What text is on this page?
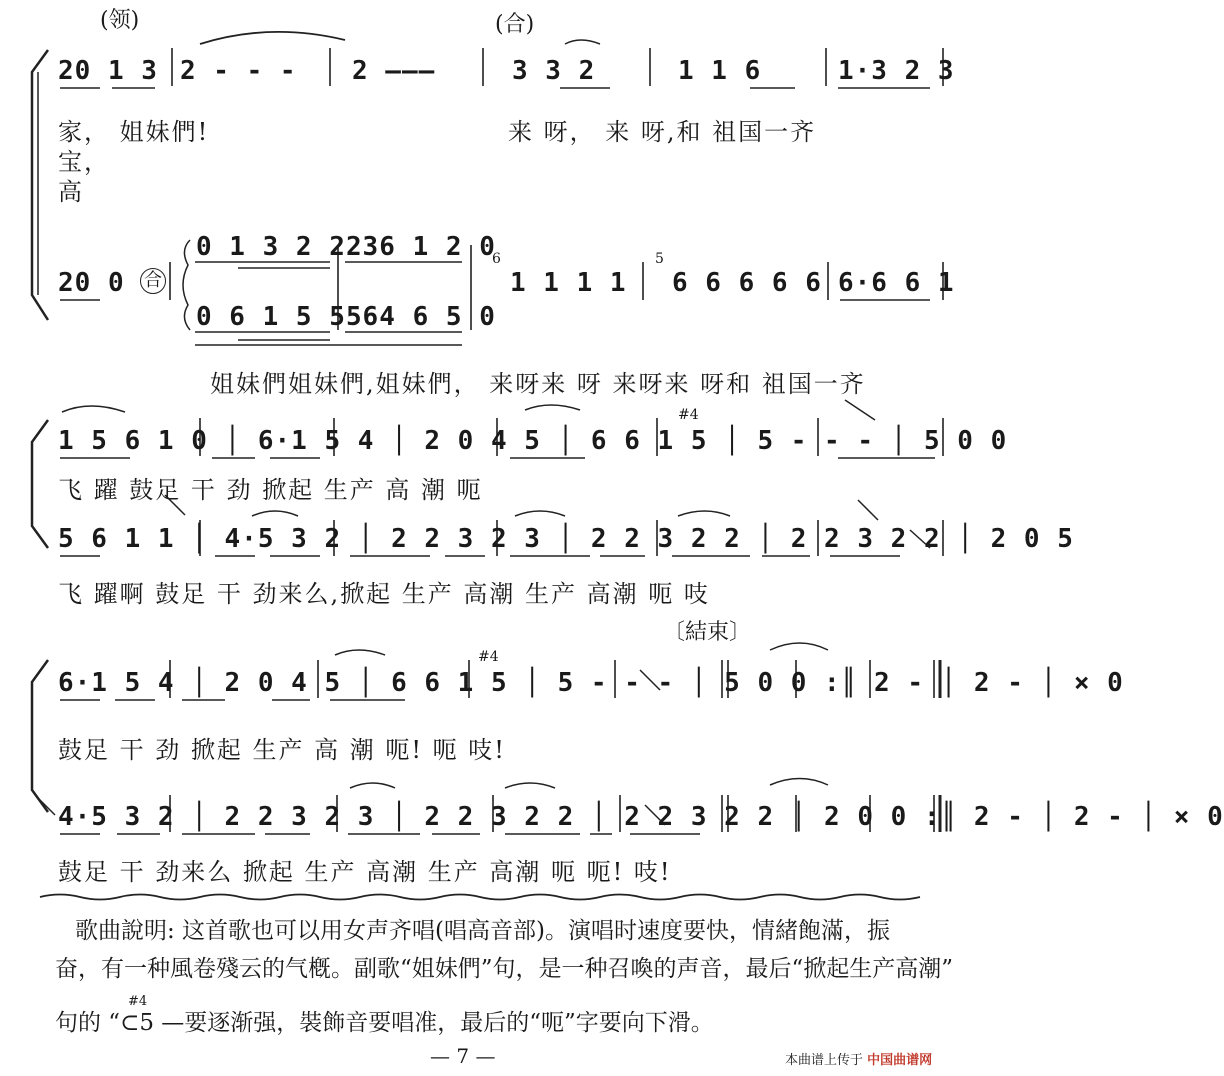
(领)	(合)
〔結束〕
20 1 3 2 - - - 2 ———	3 3 2	1 1 6	1·3 2 3
家， 姐妹們!
宝，
高
来 呀， 来 呀,和 祖国一齐
20 0 合
0 1 3 2 2 3
0 6 1 5 5 6
2 6 1 2 0
5 4 6 5 0
6
1 1 1 1
5
6 6 6 6 6 6·6 6 1
姐妹們姐妹們,姐妹們， 来呀来 呀 来呀来 呀和 祖国一齐
1 5 6 1 0 │ 6·1 5 4 │ 2 0 4 5 │ 6 6 1 5 │ 5 - - - │ 5 0 0
#4
飞 躍 鼓足 干 劲 掀起 生产 高 潮 呃
5 6 1 1 │ 4·5 3 2 │ 2 2 3 2 3 │ 2 2 3 2 2 │ 2 2 3 2 2 │ 2 0 5
飞 躍啊 鼓足 干 劲来么,掀起 生产 高潮 生产 高潮 呃 吱
6·1 5 4 │ 2 0 4 5 │ 6 6 1 5 │ 5 - - - │ 5 0 0 :║ 2 - │ 2 - │ × 0
#4
鼓足 干 劲 掀起 生产 高 潮 呃! 呃 吱!
4·5 3 2 │ 2 2 3 2 3 │ 2 2 3 2 2 │ 2 2 3 2 2 │ 2 0 0 :║ 2 - │ 2 - │ × 0
鼓足 干 劲来么 掀起 生产 高潮 生产 高潮 呃 呃! 吱!
歌曲說明: 这首歌也可以用女声齐唱(唱高音部)。演唱时速度要快，情緒飽滿，振
奋，有一种風卷殘云的气槪。副歌“姐妹們”句，是一种召喚的声音，最后“掀起生产高潮”
#4
句的 “⊂5 —要逐渐强，裝飾音要唱准，最后的“呃”字要向下滑。
— 7 —	本曲谱上传于 中国曲谱网
